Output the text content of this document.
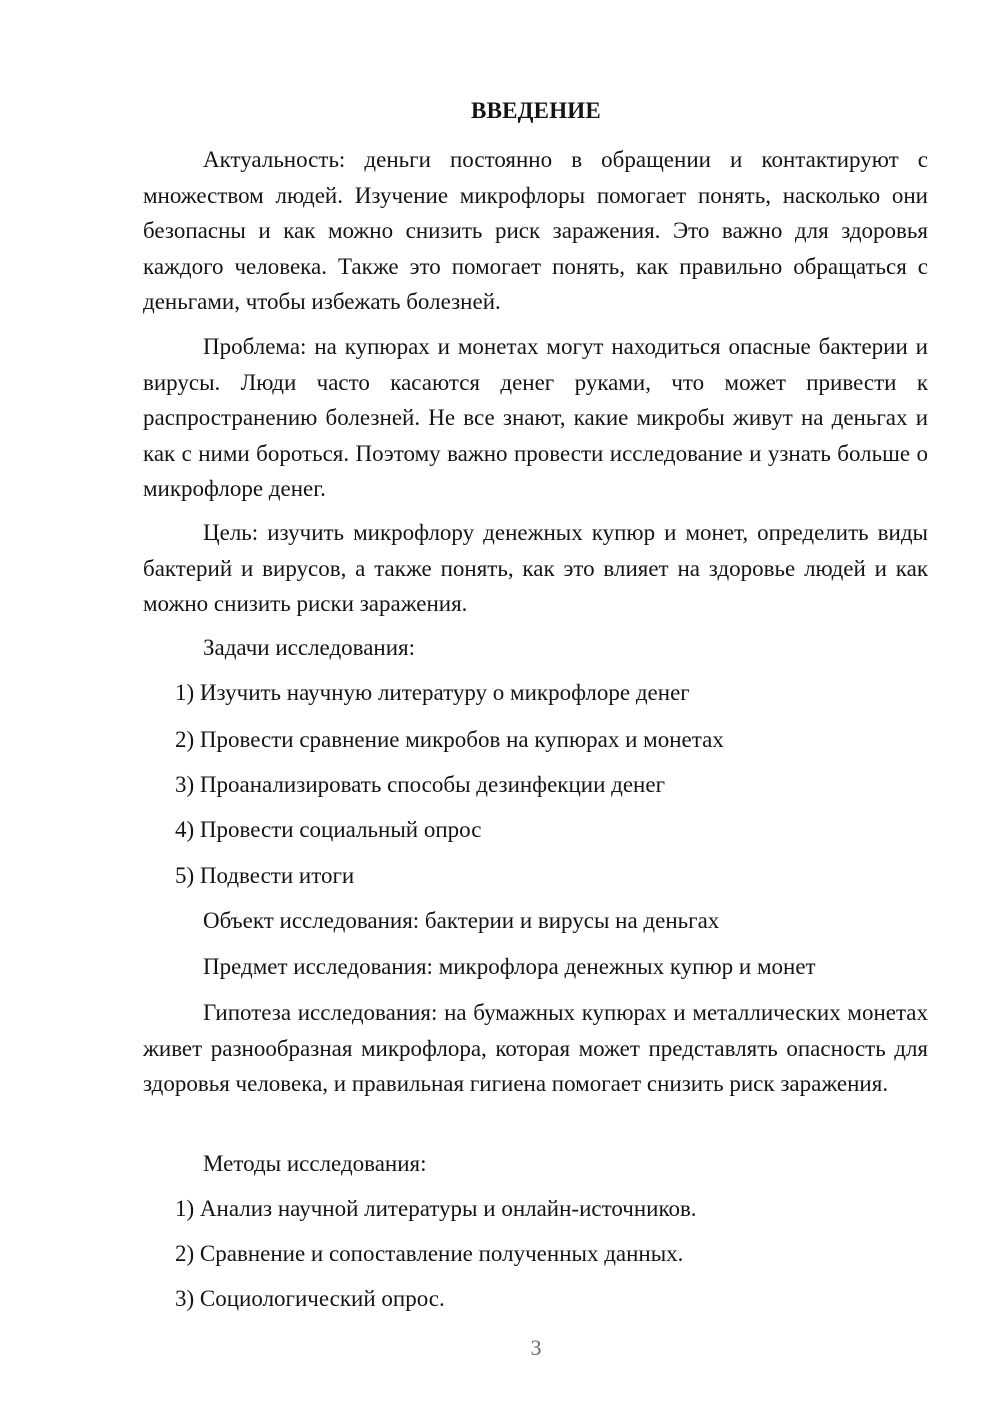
ВВЕДЕНИЕ

Актуальность: деньги постоянно в обращении и контактируют с множеством людей. Изучение микрофлоры помогает понять, насколько они безопасны и как можно снизить риск заражения. Это важно для здоровья каждого человека. Также это помогает понять, как правильно обращаться с деньгами, чтобы избежать болезней.

Проблема: на купюрах и монетах могут находиться опасные бактерии и вирусы. Люди часто касаются денег руками, что может привести к распространению болезней. Не все знают, какие микробы живут на деньгах и как с ними бороться. Поэтому важно провести исследование и узнать больше о микрофлоре денег.

Цель: изучить микрофлору денежных купюр и монет, определить виды бактерий и вирусов, а также понять, как это влияет на здоровье людей и как можно снизить риски заражения.

Задачи исследования:

1) Изучить научную литературу о микрофлоре денег

2) Провести сравнение микробов на купюрах и монетах

3) Проанализировать способы дезинфекции денег

4) Провести социальный опрос

5) Подвести итоги

Объект исследования: бактерии и вирусы на деньгах

Предмет исследования: микрофлора денежных купюр и монет

Гипотеза исследования: на бумажных купюрах и металлических монетах живет разнообразная микрофлора, которая может представлять опасность для здоровья человека, и правильная гигиена помогает снизить риск заражения.

Методы исследования:

1) Анализ научной литературы и онлайн-источников.

2) Сравнение и сопоставление полученных данных.

3) Социологический опрос.

3
